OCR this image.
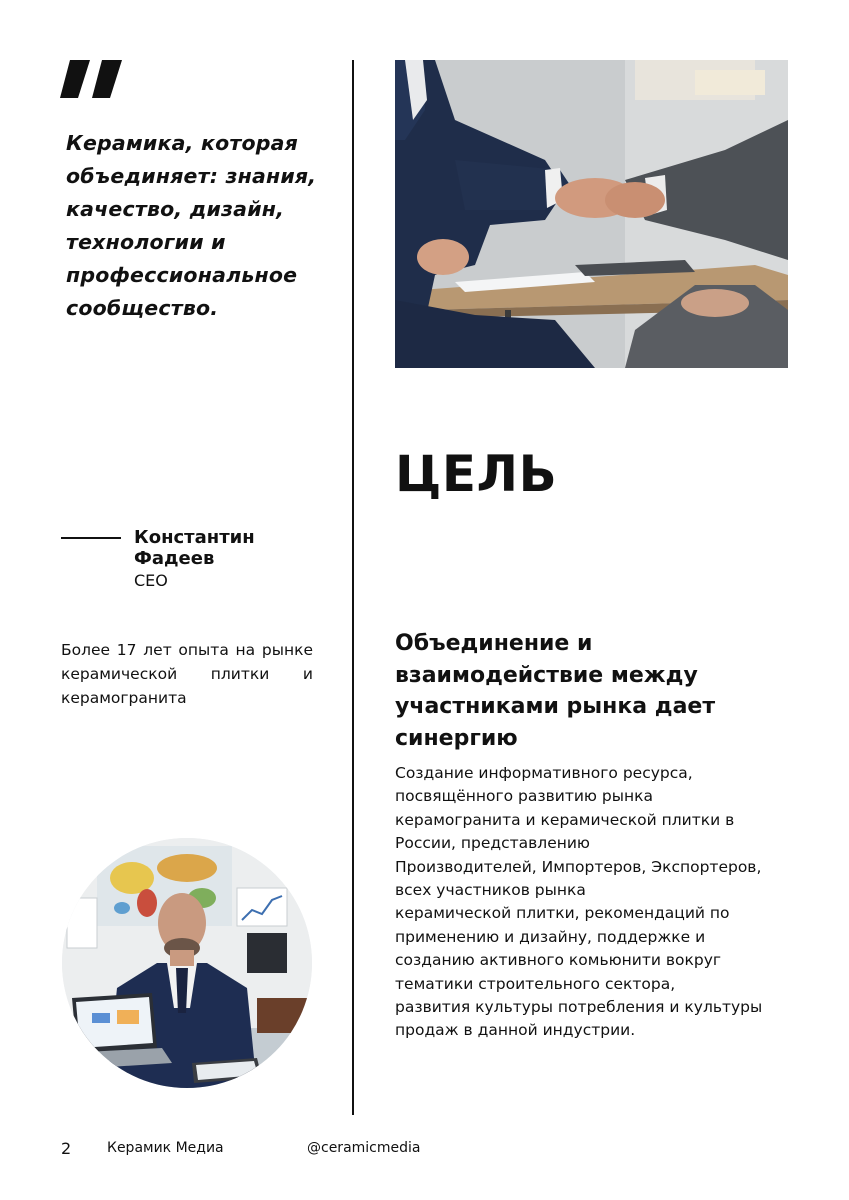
Керамика, которая объединяет: знания, качество, дизайн, технологии и профессиональное сообщество.
ЦЕЛЬ
Константин Фадеев
CEO
Более 17 лет опыта на рынке керамической плитки и керамогранита
Объединение и взаимодействие между участниками рынка дает синергию
Создание информативного ресурса,
посвящённого развитию рынка
керамогранита и керамической плитки в
России, представлению
Производителей, Импортеров, Экспортеров,
всех участников рынка
керамической плитки, рекомендаций по
применению и дизайну, поддержке и
созданию активного комьюнити вокруг
тематики строительного сектора,
развития культуры потребления и культуры
продаж в данной индустрии.
2	Керамик Медиа	@ceramicmedia
